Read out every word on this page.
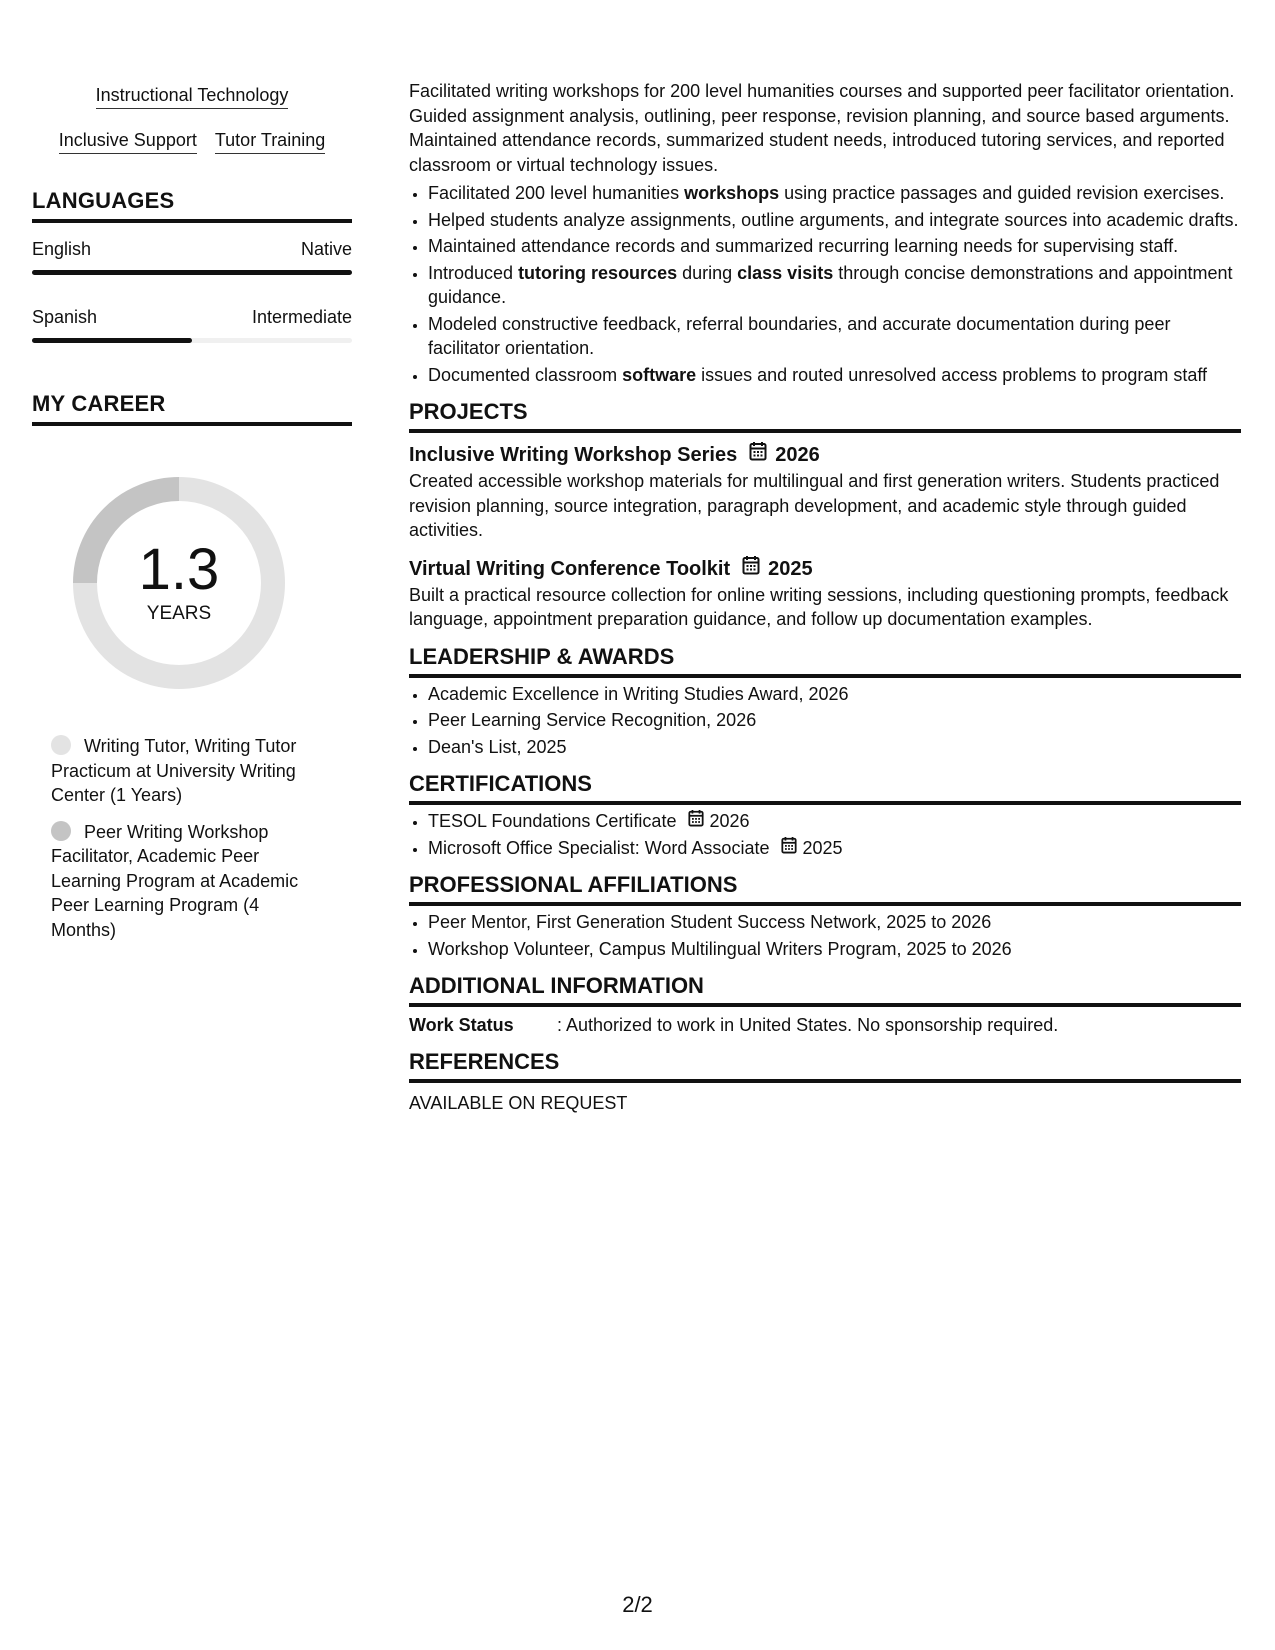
Instructional Technology
Inclusive Support Tutor Training
LANGUAGES
English	Native
Spanish	Intermediate
MY CAREER
1.3
YEARS
Writing Tutor, Writing Tutor Practicum at University Writing Center (1 Years)
Peer Writing Workshop Facilitator, Academic Peer Learning Program at Academic Peer Learning Program (4 Months)

Facilitated writing workshops for 200 level humanities courses and supported peer facilitator orientation. Guided assignment analysis, outlining, peer response, revision planning, and source based arguments. Maintained attendance records, summarized student needs, introduced tutoring services, and reported classroom or virtual technology issues.

• Facilitated 200 level humanities workshops using practice passages and guided revision exercises.
• Helped students analyze assignments, outline arguments, and integrate sources into academic drafts.
• Maintained attendance records and summarized recurring learning needs for supervising staff.
• Introduced tutoring resources during class visits through concise demonstrations and appointment guidance.
• Modeled constructive feedback, referral boundaries, and accurate documentation during peer facilitator orientation.
• Documented classroom software issues and routed unresolved access problems to program staff
PROJECTS
Inclusive Writing Workshop Series 2026

Created accessible workshop materials for multilingual and first generation writers. Students practiced revision planning, source integration, paragraph development, and academic style through guided activities.

Virtual Writing Conference Toolkit 2025

Built a practical resource collection for online writing sessions, including questioning prompts, feedback language, appointment preparation guidance, and follow up documentation examples.

LEADERSHIP & AWARDS
• Academic Excellence in Writing Studies Award, 2026
• Peer Learning Service Recognition, 2026
• Dean's List, 2025
CERTIFICATIONS
• TESOL Foundations Certificate 2026
• Microsoft Office Specialist: Word Associate 2025
PROFESSIONAL AFFILIATIONS
• Peer Mentor, First Generation Student Success Network, 2025 to 2026
• Workshop Volunteer, Campus Multilingual Writers Program, 2025 to 2026
ADDITIONAL INFORMATION
Work Status	: Authorized to work in United States. No sponsorship required.
REFERENCES
AVAILABLE ON REQUEST
2/2
